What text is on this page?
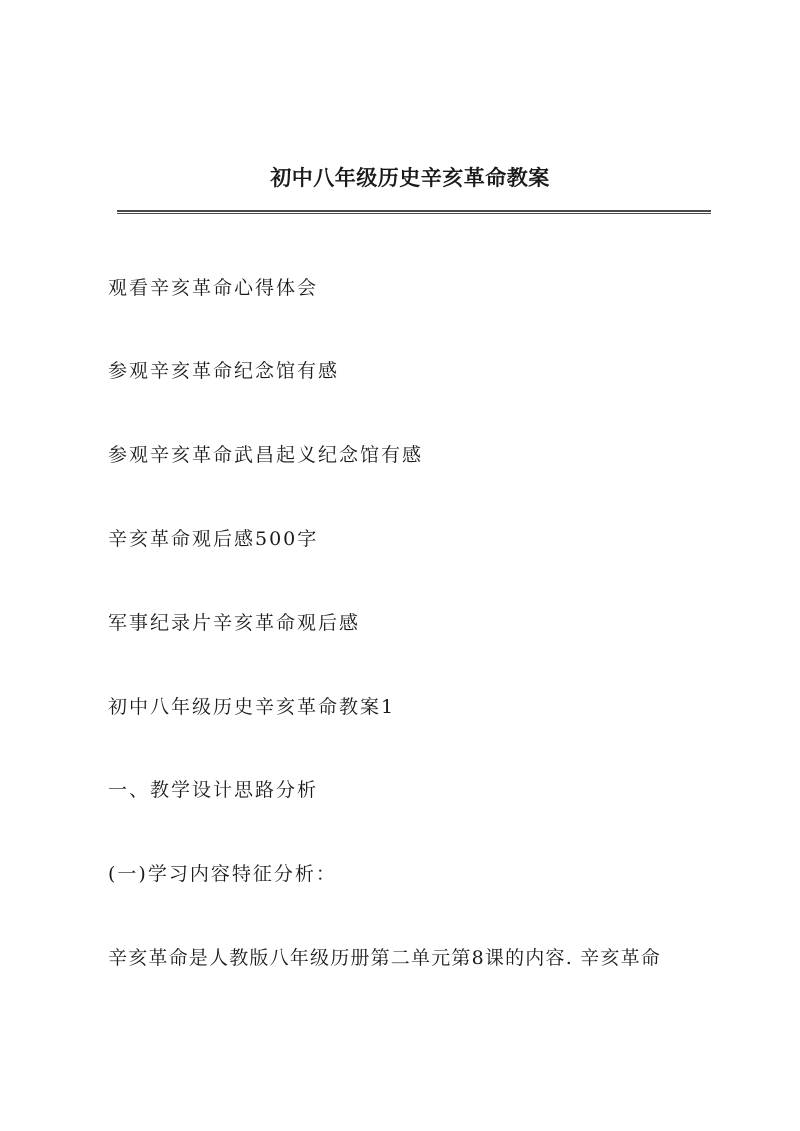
初中八年级历史辛亥革命教案
观看辛亥革命心得体会
参观辛亥革命纪念馆有感
参观辛亥革命武昌起义纪念馆有感
辛亥革命观后感500字
军事纪录片辛亥革命观后感
初中八年级历史辛亥革命教案1
一、教学设计思路分析
(一)学习内容特征分析：
辛亥革命是人教版八年级历册第二单元第8课的内容. 辛亥革命
